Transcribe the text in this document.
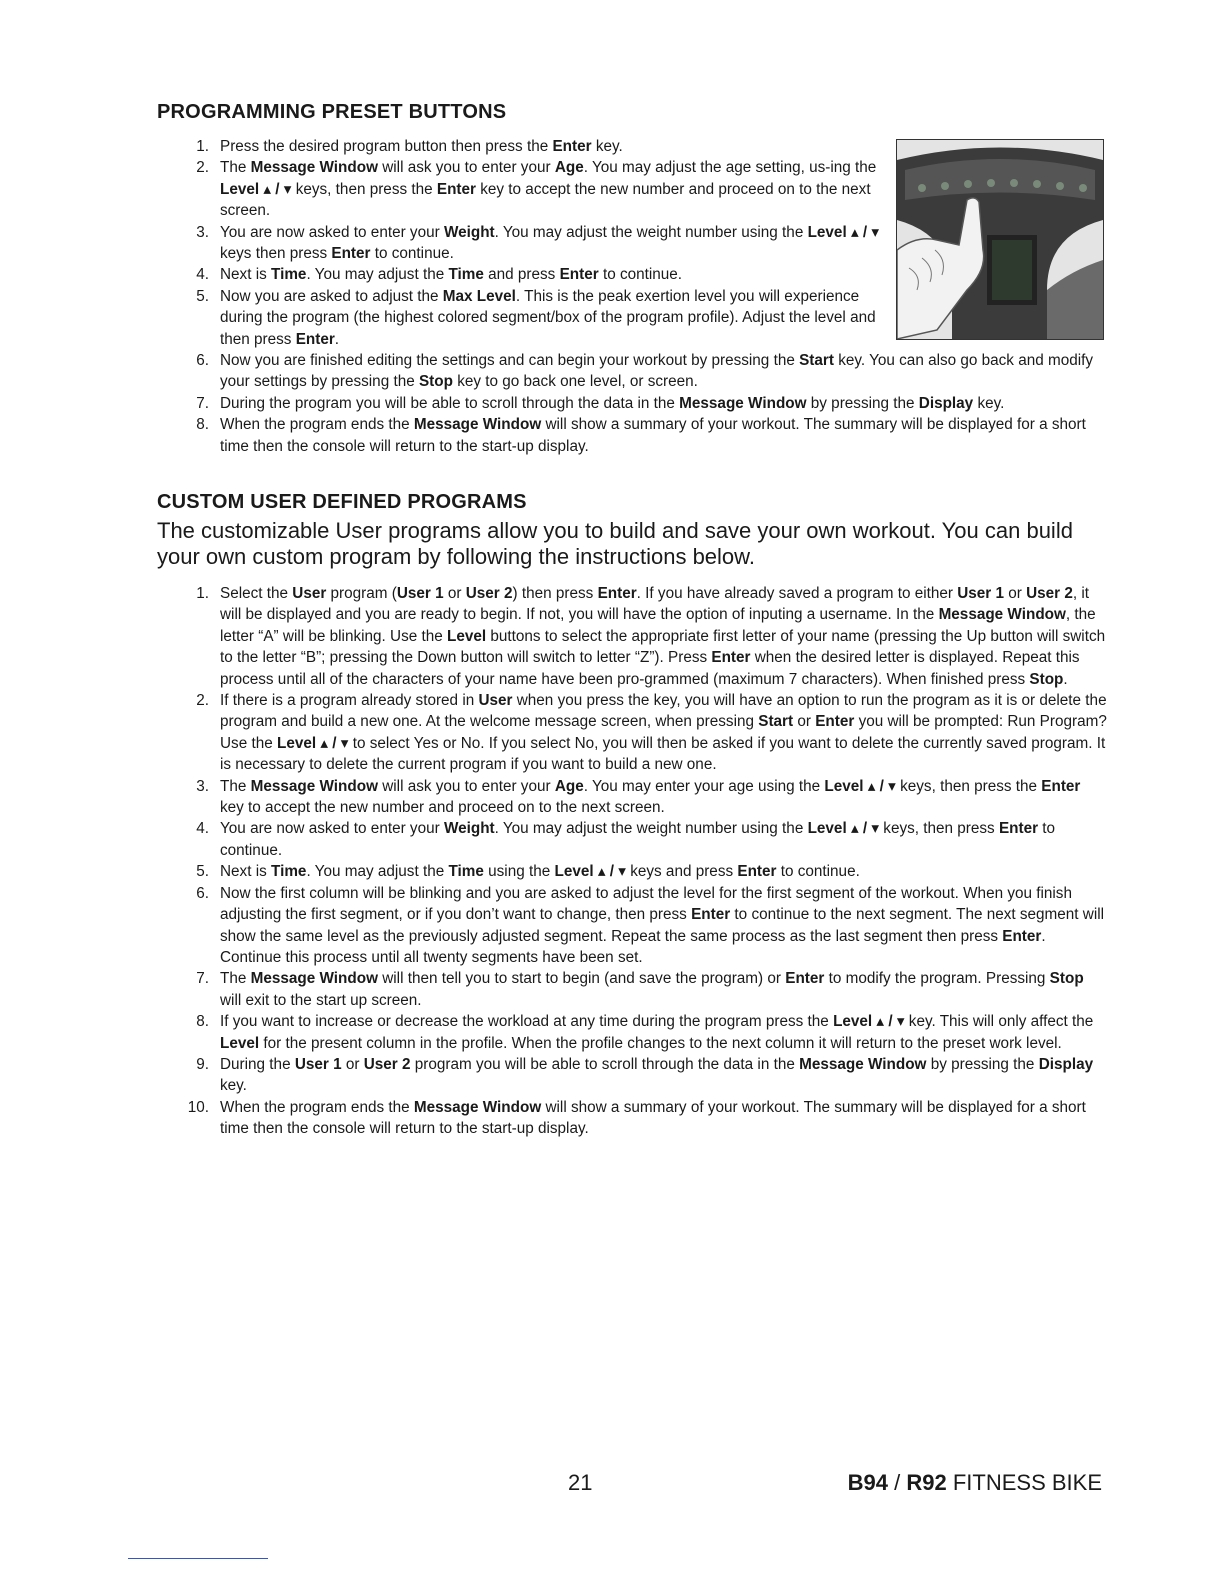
PROGRAMMING PRESET BUTTONS
1. Press the desired program button then press the Enter key.
2. The Message Window will ask you to enter your Age. You may adjust the age setting, us-ing the Level ▴ / ▾ keys, then press the Enter key to accept the new number and proceed on to the next screen.
3. You are now asked to enter your Weight. You may adjust the weight number using the Level ▴ / ▾ keys then press Enter to continue.
4. Next is Time. You may adjust the Time and press Enter to continue.
5. Now you are asked to adjust the Max Level. This is the peak exertion level you will experience during the program (the highest colored segment/box of the program profile). Adjust the level and then press Enter.
6. Now you are finished editing the settings and can begin your workout by pressing the Start key. You can also go back and modify your settings by pressing the Stop key to go back one level, or screen.
7. During the program you will be able to scroll through the data in the Message Window by pressing the Display key.
8. When the program ends the Message Window will show a summary of your workout. The summary will be displayed for a short time then the console will return to the start-up display.
CUSTOM USER DEFINED PROGRAMS

The customizable User programs allow you to build and save your own workout. You can build your own custom program by following the instructions below.

1. Select the User program (User 1 or User 2) then press Enter. If you have already saved a program to either User 1 or User 2, it will be displayed and you are ready to begin. If not, you will have the option of inputing a username. In the Message Window, the letter “A” will be blinking. Use the Level buttons to select the appropriate first letter of your name (pressing the Up button will switch to the letter “B”; pressing the Down button will switch to letter “Z”). Press Enter when the desired letter is displayed. Repeat this process until all of the characters of your name have been pro-grammed (maximum 7 characters). When finished press Stop.
2. If there is a program already stored in User when you press the key, you will have an option to run the program as it is or delete the program and build a new one. At the welcome message screen, when pressing Start or Enter you will be prompted: Run Program? Use the Level ▴ / ▾ to select Yes or No. If you select No, you will then be asked if you want to delete the currently saved program. It is necessary to delete the current program if you want to build a new one.
3. The Message Window will ask you to enter your Age. You may enter your age using the Level ▴ / ▾ keys, then press the Enter key to accept the new number and proceed on to the next screen.
4. You are now asked to enter your Weight. You may adjust the weight number using the Level ▴ / ▾ keys, then press Enter to continue.
5. Next is Time. You may adjust the Time using the Level ▴ / ▾ keys and press Enter to continue.
6. Now the first column will be blinking and you are asked to adjust the level for the first segment of the workout. When you finish adjusting the first segment, or if you don’t want to change, then press Enter to continue to the next segment. The next segment will show the same level as the previously adjusted segment. Repeat the same process as the last segment then press Enter. Continue this process until all twenty segments have been set.
7. The Message Window will then tell you to start to begin (and save the program) or Enter to modify the program. Pressing Stop will exit to the start up screen.
8. If you want to increase or decrease the workload at any time during the program press the Level ▴ / ▾ key. This will only affect the Level for the present column in the profile. When the profile changes to the next column it will return to the preset work level.
9. During the User 1 or User 2 program you will be able to scroll through the data in the Message Window by pressing the Display key.
10. When the program ends the Message Window will show a summary of your workout. The summary will be displayed for a short time then the console will return to the start-up display.
21	B94 / R92 FITNESS BIKE
